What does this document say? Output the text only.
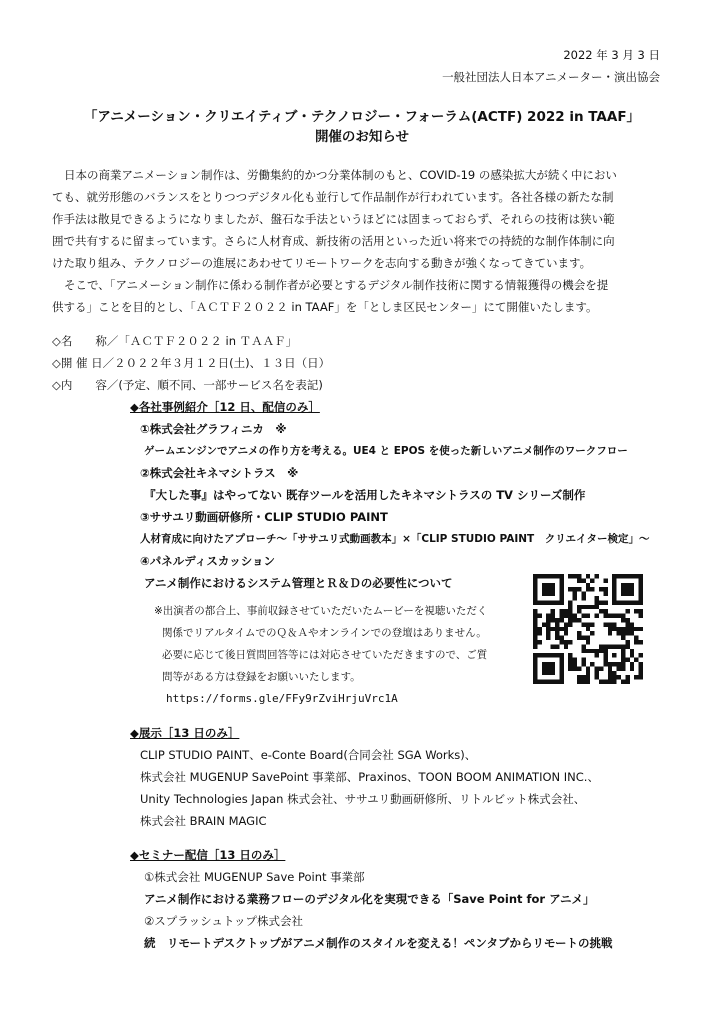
2022 年 3 月 3 日
一般社団法人日本アニメーター・演出協会
「アニメーション・クリエイティブ・テクノロジー・フォーラム(ACTF) 2022 in TAAF」
開催のお知らせ
日本の商業アニメーション制作は、労働集約的かつ分業体制のもと、COVID-19 の感染拡大が続く中におい
ても、就労形態のバランスをとりつつデジタル化も並行して作品制作が行われています。各社各様の新たな制
作手法は散見できるようになりましたが、盤石な手法というほどには固まっておらず、それらの技術は狭い範
囲で共有するに留まっています。さらに人材育成、新技術の活用といった近い将来での持続的な制作体制に向
けた取り組み、テクノロジーの進展にあわせてリモートワークを志向する動きが強くなってきています。
そこで、「アニメーション制作に係わる制作者が必要とするデジタル制作技術に関する情報獲得の機会を提
供する」ことを目的とし、「ＡＣＴＦ２０２２ in TAAF」を「としま区民センター」にて開催いたします。
◇名　　称／「ＡＣＴＦ２０２２ in ＴＡＡＦ」
◇開 催 日／２０２２年３月１２日(土)、１３日（日）
◇内　　容／(予定、順不同、一部サービス名を表記)
◆各社事例紹介［12 日、配信のみ］
①株式会社グラフィニカ　※
ゲームエンジンでアニメの作り方を考える。UE4 と EPOS を使った新しいアニメ制作のワークフロー
②株式会社キネマシトラス　※
『大した事』はやってない 既存ツールを活用したキネマシトラスの TV シリーズ制作
③ササユリ動画研修所・CLIP STUDIO PAINT
人材育成に向けたアプローチ～「ササユリ式動画教本」×「CLIP STUDIO PAINT　クリエイター検定」～
④パネルディスカッション
アニメ制作におけるシステム管理とＲ＆Ｄの必要性について
※出演者の都合上、事前収録させていただいたムービーを視聴いただく
関係でリアルタイムでのＱ＆Ａやオンラインでの登壇はありません。
必要に応じて後日質問回答等には対応させていただきますので、ご質
問等がある方は登録をお願いいたします。
https://forms.gle/FFy9rZviHrjuVrc1A
◆展示［13 日のみ］
CLIP STUDIO PAINT、e-Conte Board(合同会社 SGA Works)、
株式会社 MUGENUP SavePoint 事業部、Praxinos、TOON BOOM ANIMATION INC.、
Unity Technologies Japan 株式会社、ササユリ動画研修所、リトルビット株式会社、
株式会社 BRAIN MAGIC
◆セミナー配信［13 日のみ］
①株式会社 MUGENUP Save Point 事業部
アニメ制作における業務フローのデジタル化を実現できる「Save Point for アニメ」
②スプラッシュトップ株式会社
続　リモートデスクトップがアニメ制作のスタイルを変える！ペンタブからリモートの挑戦
